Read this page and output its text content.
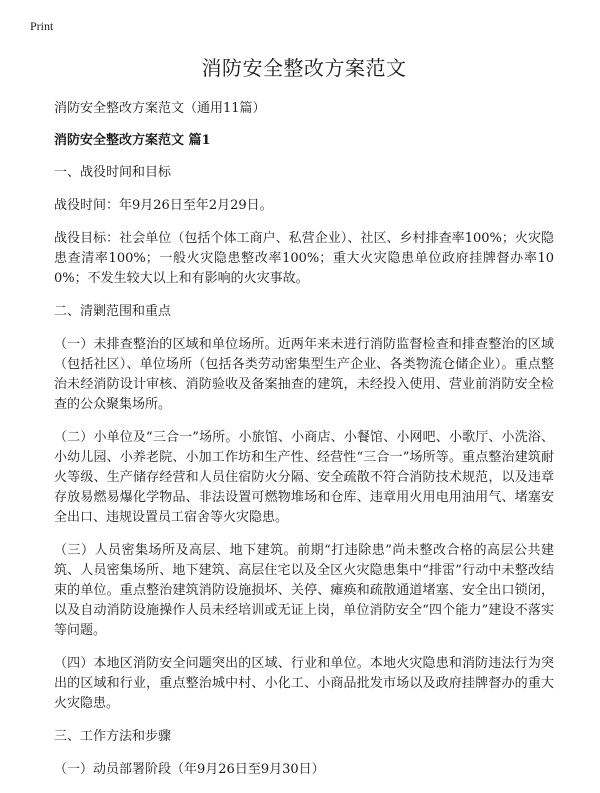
Print
消防安全整改方案范文

消防安全整改方案范文（通用11篇）

消防安全整改方案范文 篇1

一、战役时间和目标

战役时间：年9月26日至年2月29日。

战役目标：社会单位（包括个体工商户、私营企业）、社区、乡村排查率100%；火灾隐患查清率100%；一般火灾隐患整改率100%；重大火灾隐患单位政府挂牌督办率100%；不发生较大以上和有影响的火灾事故。

二、清剿范围和重点

（一）未排查整治的区域和单位场所。近两年来未进行消防监督检查和排查整治的区域（包括社区）、单位场所（包括各类劳动密集型生产企业、各类物流仓储企业）。重点整治未经消防设计审核、消防验收及备案抽查的建筑，未经投入使用、营业前消防安全检查的公众聚集场所。

（二）小单位及“三合一”场所。小旅馆、小商店、小餐馆、小网吧、小歌厅、小洗浴、小幼儿园、小养老院、小加工作坊和生产性、经营性“三合一”场所等。重点整治建筑耐火等级、生产储存经营和人员住宿防火分隔、安全疏散不符合消防技术规范，以及违章存放易燃易爆化学物品、非法设置可燃物堆场和仓库、违章用火用电用油用气、堵塞安全出口、违规设置员工宿舍等火灾隐患。

（三）人员密集场所及高层、地下建筑。前期“打违除患”尚未整改合格的高层公共建筑、人员密集场所、地下建筑、高层住宅以及全区火灾隐患集中“排雷”行动中未整改结束的单位。重点整治建筑消防设施损坏、关停、瘫痪和疏散通道堵塞、安全出口锁闭，以及自动消防设施操作人员未经培训或无证上岗，单位消防安全“四个能力”建设不落实等问题。

（四）本地区消防安全问题突出的区域、行业和单位。本地火灾隐患和消防违法行为突出的区域和行业，重点整治城中村、小化工、小商品批发市场以及政府挂牌督办的重大火灾隐患。

三、工作方法和步骤

（一）动员部署阶段（年9月26日至9月30日）
